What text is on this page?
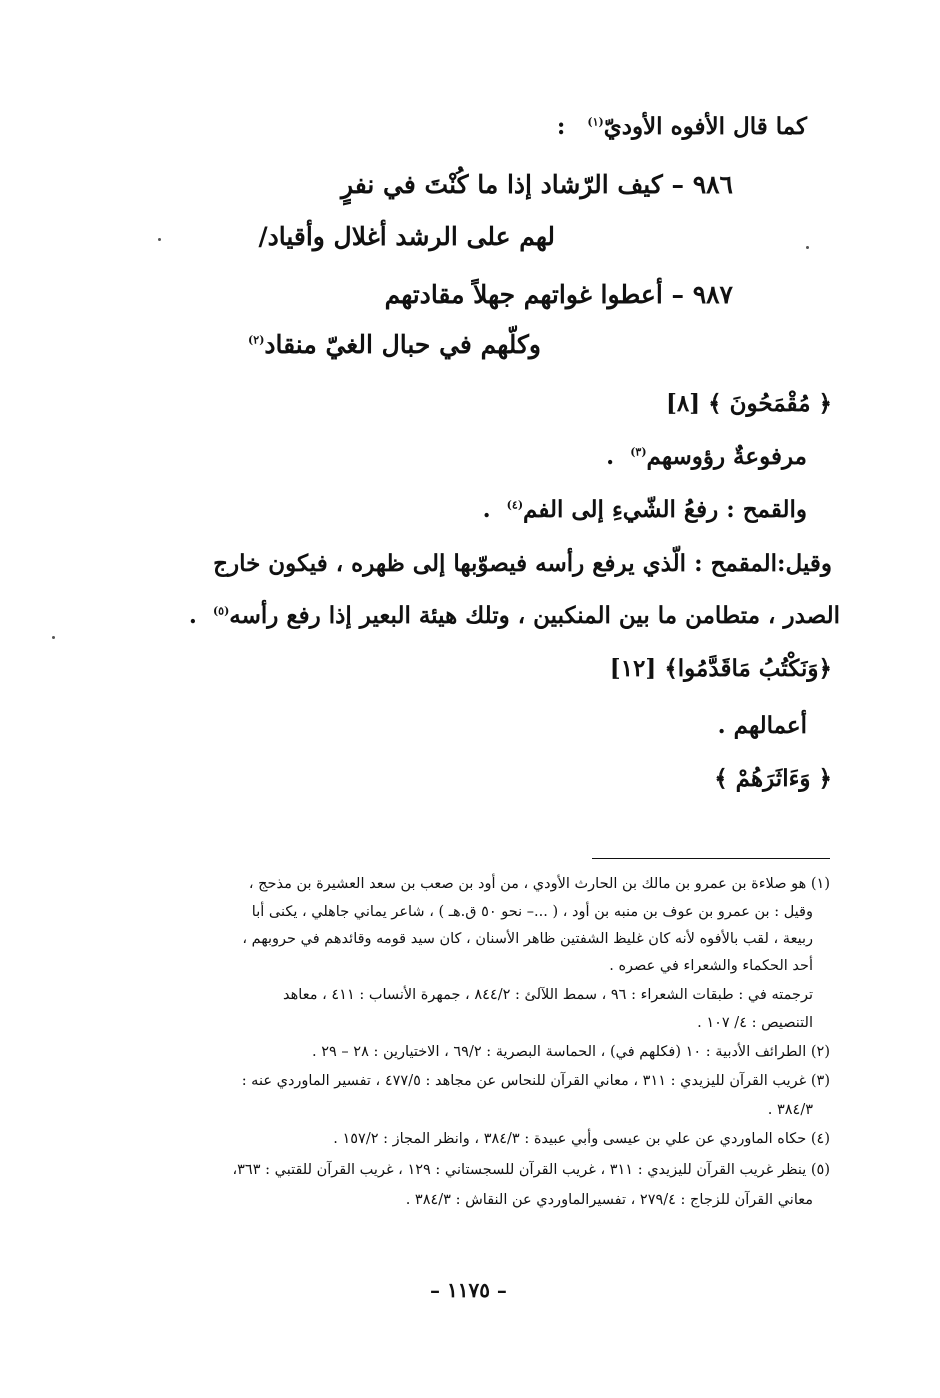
كما قال الأفوه الأوديّ$^{(١)}$ :
٩٨٦ – كيف الرّشاد إذا ما كُنْتَ في نفرٍ
لهم على الرشد أغلال وأقياد/
٩٨٧ – أعطوا غواتهم جهلاً مقادتهم
وكلّهم في حبال الغيّ منقاد$^{(٢)}$
﴿ مُقْمَحُونَ ﴾ [٨]
مرفوعةٌ رؤوسهم$^{(٣)}$ .
والقمح : رفعُ الشّيءِ إلى الفم$^{(٤)}$ .
وقيل:المقمح : الّذي يرفع رأسه فيصوّبها إلى ظهره ، فيكون خارج
الصدر ، متطامن ما بين المنكبين ، وتلك هيئة البعير إذا رفع رأسه$^{(٥)}$ .
﴿وَنَكْتُبُ مَاقَدَّمُوا﴾ [١٢]
أعمالهم .
﴿ وَءَاثَرَهُمْ ﴾
(١) هو صلاءة بن عمرو بن مالك بن الحارث الأودي ، من أود بن صعب بن سعد العشيرة بن مذحج ،
وقيل : بن عمرو بن عوف بن منبه بن أود ، ( ...– نحو ٥٠ ق.هـ ) ، شاعر يماني جاهلي ، يكنى أبا
ربيعة ، لقب بالأفوه لأنه كان غليظ الشفتين ظاهر الأسنان ، كان سيد قومه وقائدهم في حروبهم ،
أحد الحكماء والشعراء في عصره .
ترجمته في : طبقات الشعراء : ٩٦ ، سمط اللآلئ : ٨٤٤/٢ ، جمهرة الأنساب : ٤١١ ، معاهد
التنصيص : ٤/ ١٠٧ .
(٢) الطرائف الأدبية : ١٠ (فكلهم في) ، الحماسة البصرية : ٦٩/٢ ، الاختيارين : ٢٨ – ٢٩ .
(٣) غريب القرآن لليزيدي : ٣١١ ، معاني القرآن للنحاس عن مجاهد : ٤٧٧/٥ ، تفسير الماوردي عنه :
٣٨٤/٣ .
(٤) حكاه الماوردي عن علي بن عيسى وأبي عبيدة : ٣٨٤/٣ ، وانظر المجاز : ١٥٧/٢ .
(٥) ينظر غريب القرآن لليزيدي : ٣١١ ، غريب القرآن للسجستاني : ١٢٩ ، غريب القرآن للقتبي : ٣٦٣،
معاني القرآن للزجاج : ٢٧٩/٤ ، تفسيرالماوردي عن النقاش : ٣٨٤/٣ .
– ١١٧٥ –
